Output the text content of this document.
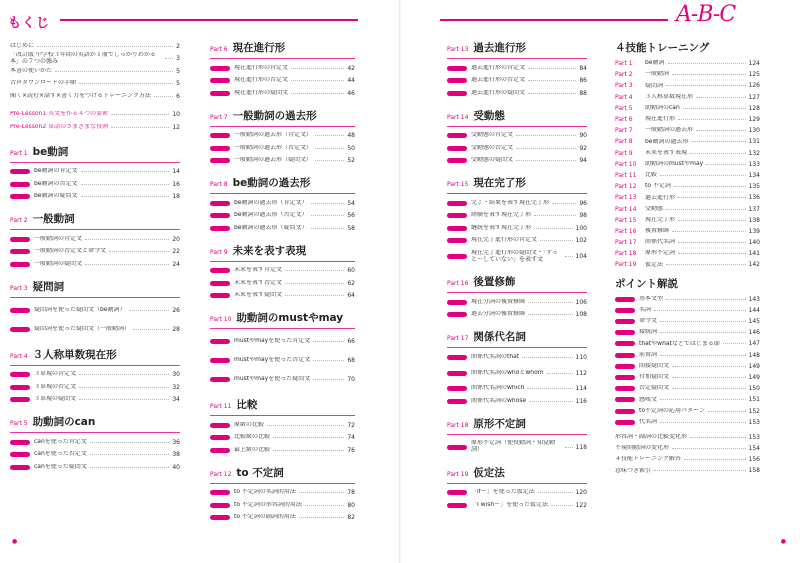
もくじ	A-B-C
はじめに	2
「改訂版 中学校３年間の英語が１冊でしっかりわかる本」の７つの強み	3
本書の使いかた	5
音声ダウンロードの手順	5
聞く×読む×話す×書く力をつけるトレーニング方法	6
Pre-Lesson1 英文を作る４つの要素	10
Pre-Lesson2 単語のさまざまな役割	12
Part 1 be動詞
be動詞の肯定文	14
be動詞の否定文	16
be動詞の疑問文	18
Part 2 一般動詞
一般動詞の肯定文	20
一般動詞の否定文と命令文	22
一般動詞の疑問文	24
Part 3 疑問詞
疑問詞を使った疑問文（be動詞）	26
疑問詞を使った疑問文（一般動詞）	28
Part 4 ３人称単数現在形
３単現の肯定文	30
３単現の否定文	32
３単現の疑問文	34
Part 5 助動詞のcan
canを使った肯定文	36
canを使った否定文	38
canを使った疑問文	40
Part 6 現在進行形
現在進行形の肯定文	42
現在進行形の否定文	44
現在進行形の疑問文	46
Part 7 一般動詞の過去形
一般動詞の過去形（肯定文）	48
一般動詞の過去形（否定文）	50
一般動詞の過去形（疑問文）	52
Part 8 be動詞の過去形
be動詞の過去形（肯定文）	54
be動詞の過去形（否定文）	56
be動詞の過去形（疑問文）	58
Part 9 未来を表す表現
未来を表す肯定文	60
未来を表す否定文	62
未来を表す疑問文	64
Part 10 助動詞のmustやmay
mustやmayを使った肯定文	66
mustやmayを使った否定文	68
mustやmayを使った疑問文	70
Part 11 比較
原級の比較	72
比較級の比較	74
最上級の比較	76
Part 12 to 不定詞
to 不定詞の名詞的用法	78
to 不定詞の形容詞的用法	80
to 不定詞の副詞的用法	82
Part 13 過去進行形
過去進行形の肯定文	84
過去進行形の否定文	86
過去進行形の疑問文	88
Part 14 受動態
受動態の肯定文	90
受動態の否定文	92
受動態の疑問文	94
Part 15 現在完了形
完了・結果を表す現在完了形	96
経験を表す現在完了形	98
継続を表す現在完了形	100
現在完了進行形の肯定文	102
現在完了進行形の疑問文・「ずっと～していない」を表す文	104
Part 16 後置修飾
現在分詞の後置修飾	106
過去分詞の後置修飾	108
Part 17 関係代名詞
関係代名詞のthat	110
関係代名詞のwhoとwhom	112
関係代名詞のwhich	114
関係代名詞のwhose	116
Part 18 原形不定詞
原形不定詞（使役動詞・知覚動詞）	118
Part 19 仮定法
「if～」を使った仮定法	120
「I wish～」を使った仮定法	122
４技能トレーニング
Part 1	be動詞	124
Part 2	一般動詞	125
Part 3	疑問詞	126
Part 4	３人称単数現在形	127
Part 5	助動詞のcan	128
Part 6	現在進行形	129
Part 7	一般動詞の過去形	130
Part 8	be動詞の過去形	131
Part 9	未来を表す表現	132
Part 10	助動詞のmustやmay	133
Part 11	比較	134
Part 12	to 不定詞	135
Part 13	過去進行形	136
Part 14	受動態	137
Part 15	現在完了形	138
Part 16	後置修飾	139
Part 17	関係代名詞	140
Part 18	原形不定詞	141
Part 19	仮定法	142
ポイント解説
基本文型	143
名詞	144
命令文	145
接続詞	146
thatやwhatなどではじまる節	147
前置詞	148
間接疑問文	149
付加疑問文	149
否定疑問文	150
感嘆文	151
to不定詞の応用パターン	152
代名詞	153
形容詞・副詞の比較変化形	153
不規則動詞の変化形	154
４技能トレーニング解答	156
意味つき索引	158
●	●
